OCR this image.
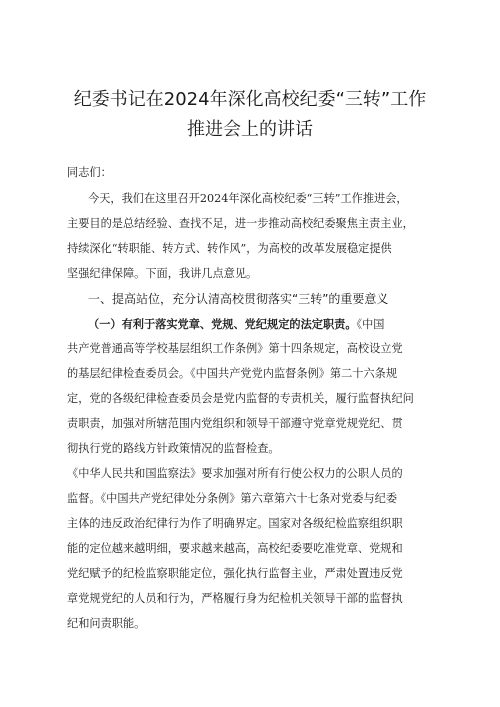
纪委书记在2024年深化高校纪委“三转”工作
推进会上的讲话
同志们：
今天，我们在这里召开2024年深化高校纪委“三转”工作推进会，
主要目的是总结经验、查找不足，进一步推动高校纪委聚焦主责主业，
持续深化“转职能、转方式、转作风”，为高校的改革发展稳定提供
坚强纪律保障。下面，我讲几点意见。
一、提高站位，充分认清高校贯彻落实“三转”的重要意义
（一）有利于落实党章、党规、党纪规定的法定职责。《中国
共产党普通高等学校基层组织工作条例》第十四条规定，高校设立党
的基层纪律检查委员会。《中国共产党党内监督条例》第二十六条规
定，党的各级纪律检查委员会是党内监督的专责机关，履行监督执纪问
责职责，加强对所辖范围内党组织和领导干部遵守党章党规党纪、贯
彻执行党的路线方针政策情况的监督检查。
《中华人民共和国监察法》要求加强对所有行使公权力的公职人员的
监督。《中国共产党纪律处分条例》第六章第六十七条对党委与纪委
主体的违反政治纪律行为作了明确界定。国家对各级纪检监察组织职
能的定位越来越明细，要求越来越高，高校纪委要吃准党章、党规和
党纪赋予的纪检监察职能定位，强化执行监督主业，严肃处置违反党
章党规党纪的人员和行为，严格履行身为纪检机关领导干部的监督执
纪和问责职能。
